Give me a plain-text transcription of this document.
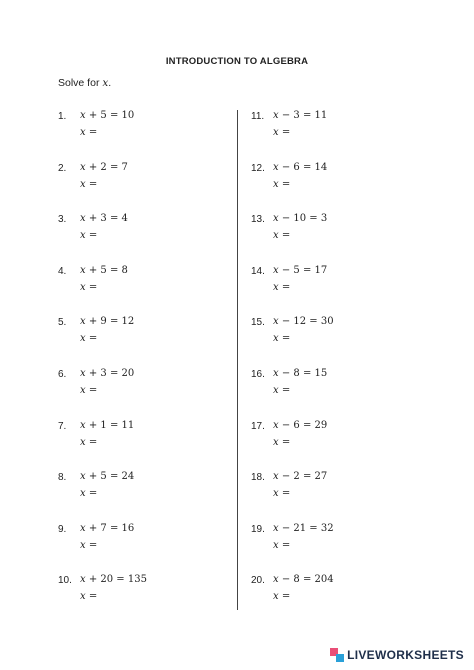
INTRODUCTION TO ALGEBRA
Solve for x.
1. x + 5 = 10
x =
2. x + 2 = 7
x =
3. x + 3 = 4
x =
4. x + 5 = 8
x =
5. x + 9 = 12
x =
6. x + 3 = 20
x =
7. x + 1 = 11
x =
8. x + 5 = 24
x =
9. x + 7 = 16
x =
10. x + 20 = 135
x =
11. x − 3 = 11
x =
12. x − 6 = 14
x =
13. x − 10 = 3
x =
14. x − 5 = 17
x =
15. x − 12 = 30
x =
16. x − 8 = 15
x =
17. x − 6 = 29
x =
18. x − 2 = 27
x =
19. x − 21 = 32
x =
20. x − 8 = 204
x =
LIVEWORKSHEETS
